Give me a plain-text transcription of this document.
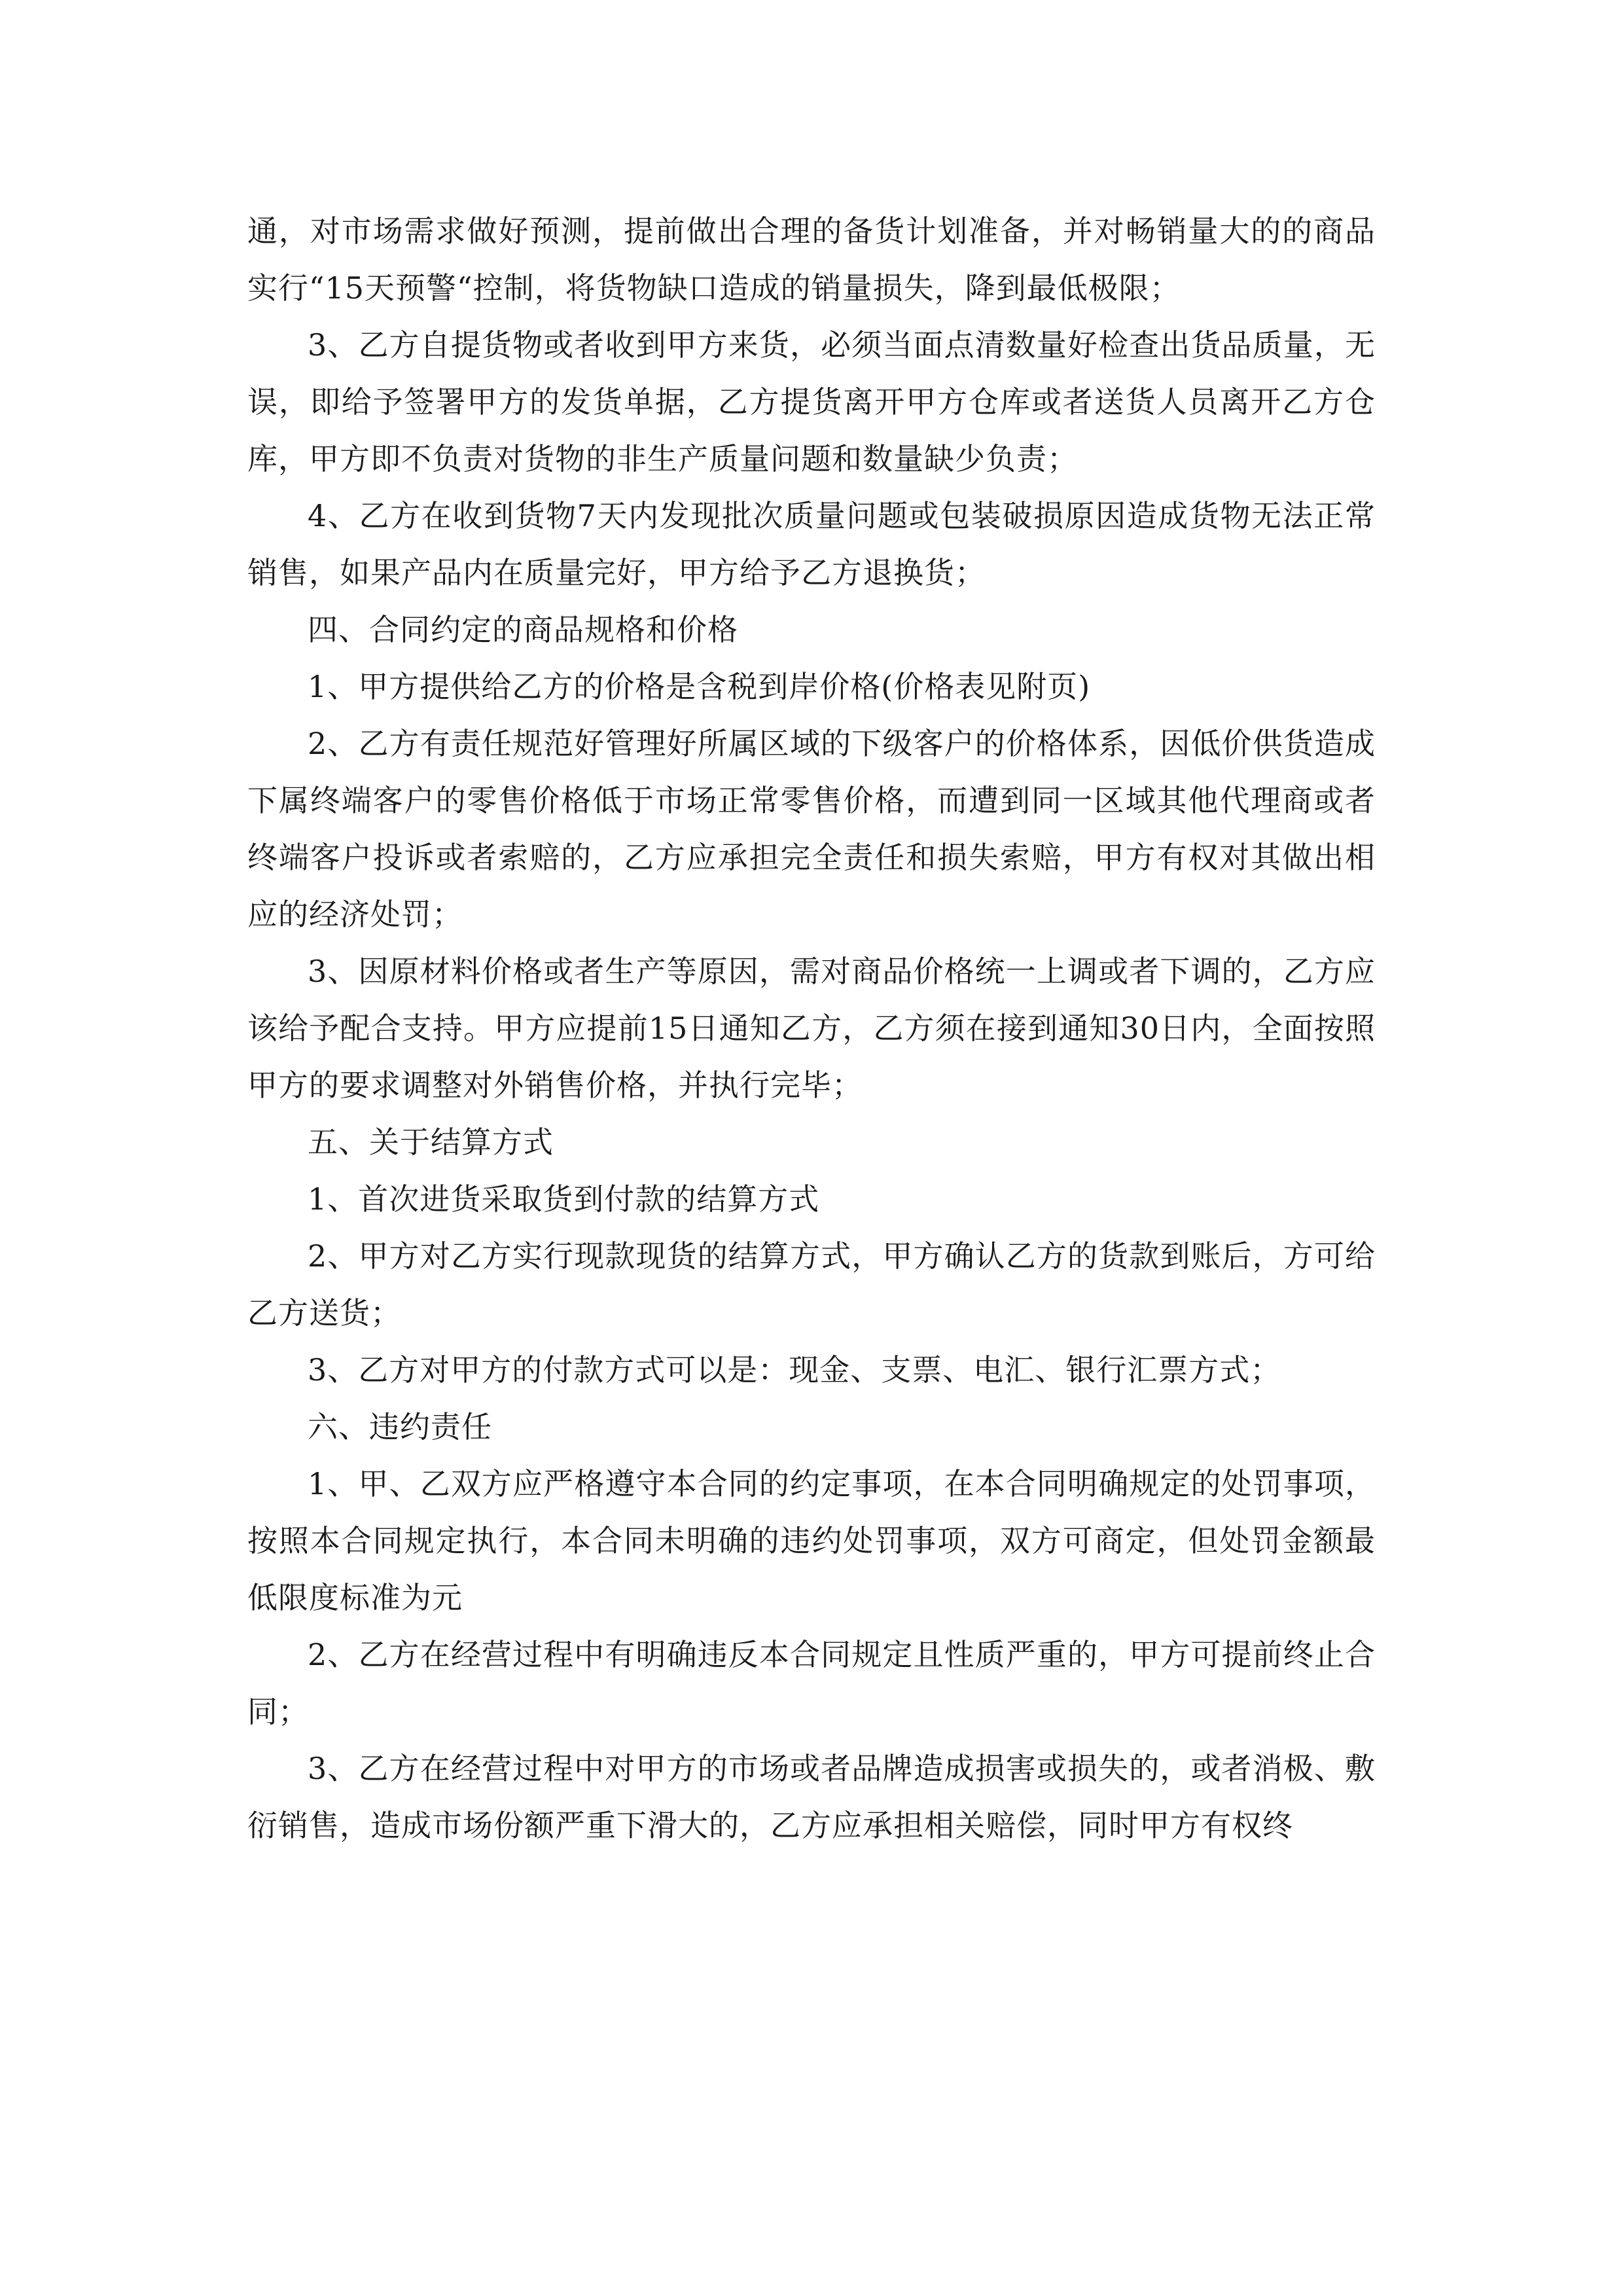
通，对市场需求做好预测，提前做出合理的备货计划准备，并对畅销量大的的商品实行“15天预警“控制，将货物缺口造成的销量损失，降到最低极限；

3、乙方自提货物或者收到甲方来货，必须当面点清数量好检查出货品质量，无误，即给予签署甲方的发货单据，乙方提货离开甲方仓库或者送货人员离开乙方仓库，甲方即不负责对货物的非生产质量问题和数量缺少负责；

4、乙方在收到货物7天内发现批次质量问题或包装破损原因造成货物无法正常销售，如果产品内在质量完好，甲方给予乙方退换货；

四、合同约定的商品规格和价格

1、甲方提供给乙方的价格是含税到岸价格(价格表见附页)

2、乙方有责任规范好管理好所属区域的下级客户的价格体系，因低价供货造成下属终端客户的零售价格低于市场正常零售价格，而遭到同一区域其他代理商或者终端客户投诉或者索赔的，乙方应承担完全责任和损失索赔，甲方有权对其做出相应的经济处罚；

3、因原材料价格或者生产等原因，需对商品价格统一上调或者下调的，乙方应该给予配合支持。甲方应提前15日通知乙方，乙方须在接到通知30日内，全面按照甲方的要求调整对外销售价格，并执行完毕；

五、关于结算方式

1、首次进货采取货到付款的结算方式

2、甲方对乙方实行现款现货的结算方式，甲方确认乙方的货款到账后，方可给乙方送货；

3、乙方对甲方的付款方式可以是：现金、支票、电汇、银行汇票方式；

六、违约责任

1、甲、乙双方应严格遵守本合同的约定事项，在本合同明确规定的处罚事项，按照本合同规定执行，本合同未明确的违约处罚事项，双方可商定，但处罚金额最低限度标准为元

2、乙方在经营过程中有明确违反本合同规定且性质严重的，甲方可提前终止合同；

3、乙方在经营过程中对甲方的市场或者品牌造成损害或损失的，或者消极、敷衍销售，造成市场份额严重下滑大的，乙方应承担相关赔偿，同时甲方有权终
